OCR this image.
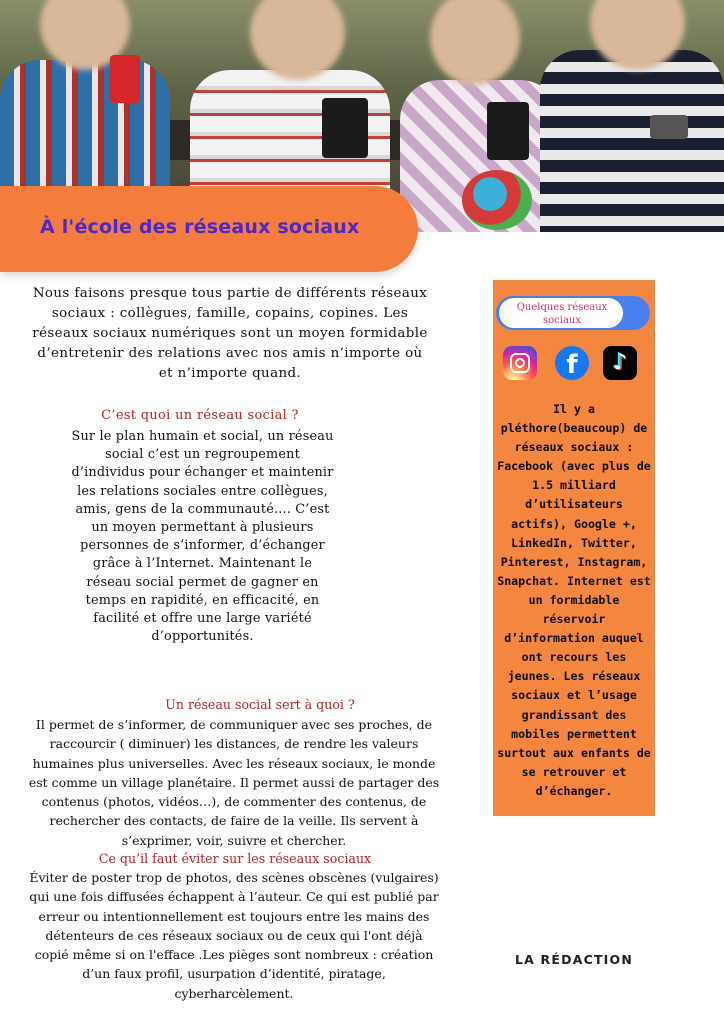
À l'école des réseaux sociaux
Nous faisons presque tous partie de différents réseaux sociaux : collègues, famille, copains, copines. Les réseaux sociaux numériques sont un moyen formidable d’entretenir des relations avec nos amis n’importe où et n’importe quand.
C’est quoi un réseau social ?
Sur le plan humain et social, un réseau social c’est un regroupement d’individus pour échanger et maintenir les relations sociales entre collègues, amis, gens de la communauté.... C’est un moyen permettant à plusieurs personnes de s’informer, d’échanger grâce à l’Internet. Maintenant le réseau social permet de gagner en temps en rapidité, en efficacité, en facilité et offre une large variété d’opportunités.
Un réseau social sert à quoi ?
Il permet de s’informer, de communiquer avec ses proches, de raccourcir ( diminuer) les distances, de rendre les valeurs humaines plus universelles. Avec les réseaux sociaux, le monde est comme un village planétaire. Il permet aussi de partager des contenus (photos, vidéos…), de commenter des contenus, de rechercher des contacts, de faire de la veille. Ils servent à s’exprimer, voir, suivre et chercher.
Ce qu’il faut éviter sur les réseaux sociaux
Éviter de poster trop de photos, des scènes obscènes (vulgaires) qui une fois diffusées échappent à l’auteur. Ce qui est publié par erreur ou intentionnellement est toujours entre les mains des détenteurs de ces réseaux sociaux ou de ceux qui l'ont déjà copié même si on l'efface .Les pièges sont nombreux : création d’un faux profil, usurpation d’identité, piratage, cyberharcèlement.
Quelques réseaux sociaux
f	♪
Il y a pléthore(beaucoup) de réseaux sociaux : Facebook (avec plus de 1.5 milliard d’utilisateurs actifs), Google +, LinkedIn, Twitter, Pinterest, Instagram, Snapchat. Internet est un formidable réservoir d’information auquel ont recours les jeunes. Les réseaux sociaux et l’usage grandissant des mobiles permettent surtout aux enfants de se retrouver et d’échanger.
LA RÉDACTION
